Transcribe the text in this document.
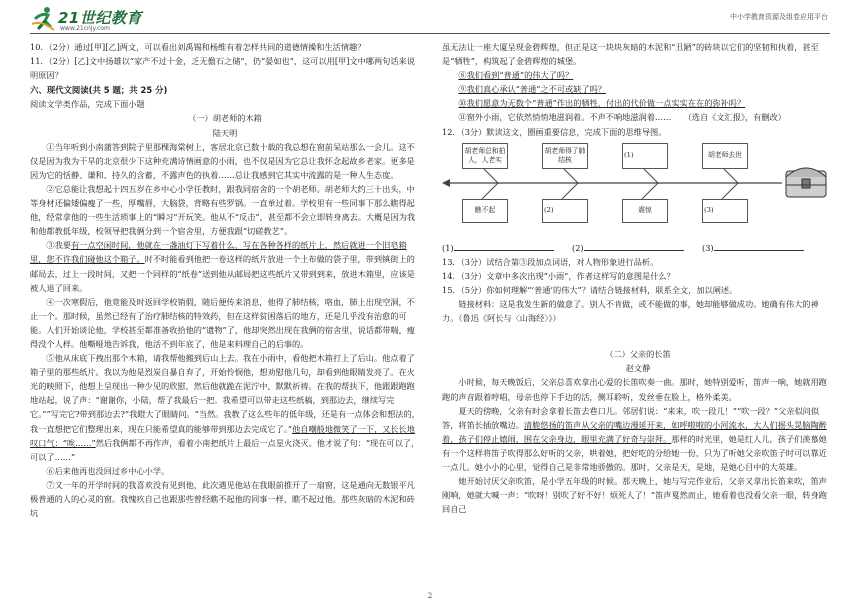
21世纪教育
www.21cnjy.com
中小学教育资源及组卷应用平台

10．（2分）通过[甲][乙]两文，可以看出刘禹锡和杨维有着怎样共同的道德情操和生活情趣？

11．（2分）[乙]文中扬雄以“家产不过十金，乏无儋石之储”，仍“晏如也”，这可以用[甲]文中哪两句话来说明原因？

六、现代文阅读(共 5 题；共 25 分)

阅读文学类作品，完成下面小题

（一）胡老师的木箱

陆天明

①当年听到小南蒲答到院子里那棵海棠树上，客居北京已数十载的我总想在窗前呆站那么一会儿。这不仅是因为我为干旱的北京很少下这种充满诗情画意的小雨，也不仅是因为它总让我怀念起故乡老家。更多是因为它的恬静、谦和、持久的含蓄，不露声色的执着……总让我感到它其实中流露的是一种人生态度。

②它总能让我想起十四五岁在乡中心小学任教时，跟我同宿舍的一个胡老师。胡老师大约三十出头，中等身材还偏矮偏瘦了一些，厚嘴唇，大脑袋，背略有些罗锅。一直单过着。学校里有一些同事下那么瞧得起他，经常拿他的一些生活琐事上的“瞬习”开玩笑。他从不“反击”，甚至都不会立即转身离去。大概是因为我和他都教低年级，校领导把我俩分到一个宿舍里，方便我跟“切磋教艺”。

③我要有一点空闲时间，他就在一盏油灯下写着什么，写在各种各样的纸片上，然后就进一个旧皂箱里，您不许我们碰他这个箱子。时不时能看到他把一卷这样的纸片放进一个土布做的袋子里，带到镇街上的邮局去，过上一段时间，又把一个同样的“纸卷”送到他从邮局把这些纸片又带到到来，放进木箱里，应该是被人退了回来。

④一次寒假后，他竟能及时返回学校销假，随后便传来消息，他得了肺结核，咯血，肺上出现空洞，不止一个。那时候，虽然已经有了治疗肺结核的特效药，但在这样贫困落后的地方，还是几乎没有治愈的可能。人们开始谈论他，学校甚至都准备收拾他的“遗物”了，他却突然出现在我俩的宿舍里，说话都带喘，瘦得没个人样。他嘶哑地告诉我，他活不到年底了，他是来料理自己的后事的。

⑤他从床底下拽出那个木箱，请我帮他搬到后山上去。我在小雨中，看他把木箱打上了后山。他点着了箱子里的那些纸片。我以为他是烈炭自暴自弃了，开始怜悯他，想劝慰他几句，却看到他眼睛发亮了。在火光的映照下，他想上呈现出一种少见的欣慰，然后他就跪在泥泞中，默默祈祷。在我的帮扶下，他跟跟跑跑地站起，说了声：“谢谢你，小陆，帮了我最后一把。我希望可以带走这些纸稿，到那边去，继续写完它。”“写完它?带到那边去?”我瞪大了眼睛问。“当然。我教了这么些年的低年级，还是有一点体会和想法的，我一直想把它们整理出来，现在只能希望真的能够带到那边去完成它了。”他自嘲般地微笑了一下，又长长地叹口气：“唉……”然后我俩都不再作声，看着小南把纸片上最后一点星火浇灭。他才说了句：“现在可以了，可以了……”

⑥后来他再也没回过乡中心小学。

⑦又一年的开学时间的我喜欢没有见到他，此次遇见他站在我眼前推开了一扇窗，这是通向无数银平凡极普通的人的心灵的窗。我愧疚自己也跟那些曾经瞧不起他的同事一样，瞧不起过他。那些灰暗的木泥和砖坑

虽无法让一座大厦呈现金碧辉煌，但正是这一块块灰暗的木泥和“丑陋”的砖块以它们的坚韧和执着，甚至是“牺牲”，构筑起了金碧辉煌的城堡。

⑧我们看到“普通”的伟大了吗？

⑨我们真心承认“普通”之不可或缺了吗？

⑩我们愿意为无数个“普通”作出的牺牲，付出的代价做一点实实在在的弥补吗？

⑪窗外小雨，它依然悄悄地滋润着。不声不响地滋润着……　　 （选自《文汇报》，有删改）

12．（3分）默读这文，圈画重要信息，完成下面的思维导图。

胡老师总和拍人，人老实
胡老师得了肺结核
(1)	胡老师去世
瞧不起	(2)	震惊	(3)
(1)	(2)	(3)

13．（3分）试结合第③段加点词语，对人物形象进行品析。

14．（3分）文章中多次出现“小雨”，作者这样写的意图是什么？

15．（5分）你如何理解“‘普通’的伟大”？请结合链接材料，联系全文，加以阐述。

链接材料：这是我发生新的做意了。别人不肯做，或不能做的事，她却能够做成功。她确有伟大的神力。（鲁迅《阿长与〈山海经〉》）

（二）父亲的长笛

赵文静

小时候，每天晚饭后，父亲总喜欢拿出心爱的长笛吹奏一曲。那时，她特别爱听，笛声一响，她就用跑跑的声音跟着哼唱，母亲也停下手边的活，侧耳聆听，发丝垂在脸上，格外柔美。

夏天的傍晚，父亲有时会拿着长笛去巷口儿。邻居们说：“来来，吹一段儿！”“吹一段？”父亲似问似答，将笛长插放嘴边。清脆悠扬的笛声从父亲的嘴边漫延开来，如呼啦啦的小河流水，大人们摇头晃脑陶醉着，孩子们停止嬉闹，围在父亲身边，眼里充满了好奇与崇拜。那样的时光里，她是红人儿，孩子们羡慕她有一个这样将笛子吹得那么好听的父亲，哄着她，把好吃的分给她一份，只为了听她父亲吹笛子时可以靠近一点儿。她小小的心里，觉得自己是非常地骄傲的。那时，父亲是天，是地，是她心目中的大英雄。

她开始讨厌父亲吹笛，是小学五年级的时候。那天晚上，她与写完作业后，父亲又拿出长笛来吹，笛声刚响，她就大喊一声：“吹呀！别吹了好不好！烦死人了！”笛声戛然而止，她看着也没看父亲一眼，转身跑回自己

2
